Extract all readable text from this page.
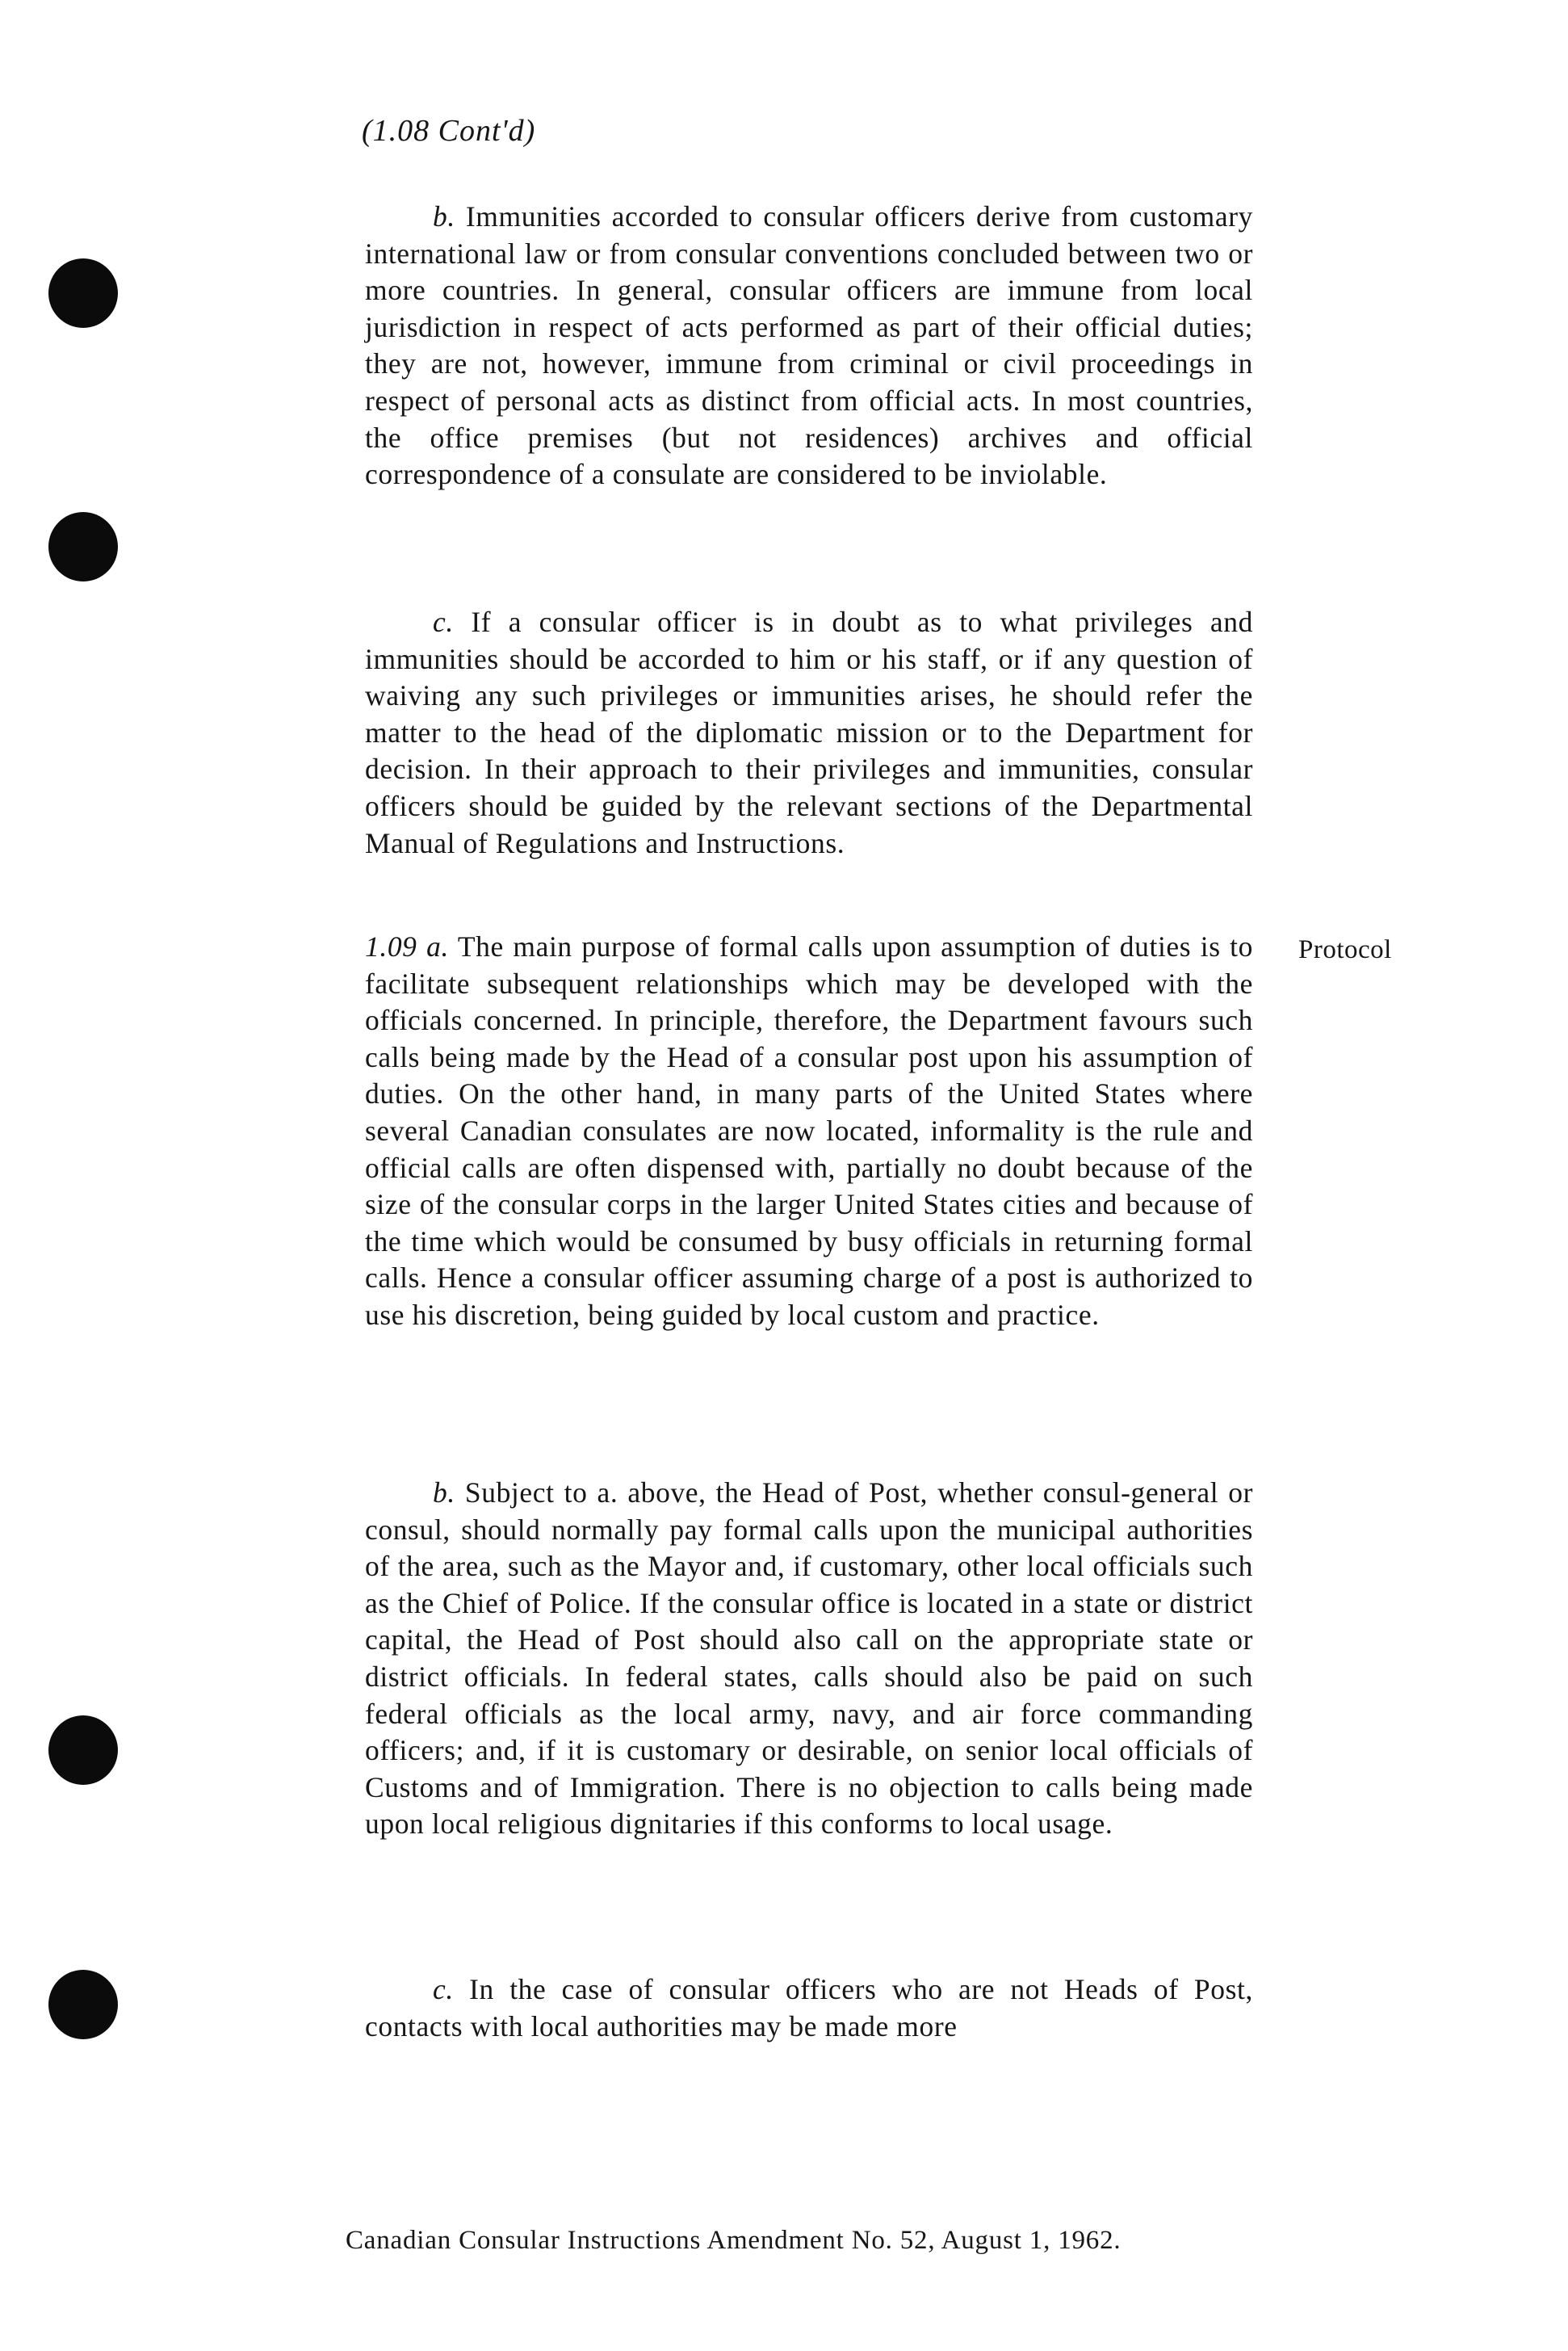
(1.08 Cont'd)

b. Immunities accorded to consular officers derive from customary international law or from consular conventions concluded between two or more countries. In general, consular officers are immune from local jurisdiction in respect of acts performed as part of their official duties; they are not, however, immune from criminal or civil proceedings in respect of personal acts as distinct from official acts. In most countries, the office premises (but not residences) archives and official correspondence of a consulate are considered to be inviolable.

c. If a consular officer is in doubt as to what privileges and immunities should be accorded to him or his staff, or if any question of waiving any such privileges or immunities arises, he should refer the matter to the head of the diplomatic mission or to the Department for decision. In their approach to their privileges and immunities, consular officers should be guided by the relevant sections of the Departmental Manual of Regulations and Instructions.

1.09 a. The main purpose of formal calls upon assumption of duties is to facilitate subsequent relationships which may be developed with the officials concerned. In principle, therefore, the Department favours such calls being made by the Head of a consular post upon his assumption of duties. On the other hand, in many parts of the United States where several Canadian consulates are now located, informality is the rule and official calls are often dispensed with, partially no doubt because of the size of the consular corps in the larger United States cities and because of the time which would be consumed by busy officials in returning formal calls. Hence a consular officer assuming charge of a post is authorized to use his discretion, being guided by local custom and practice.

Protocol

b. Subject to a. above, the Head of Post, whether consul-general or consul, should normally pay formal calls upon the municipal authorities of the area, such as the Mayor and, if customary, other local officials such as the Chief of Police. If the consular office is located in a state or district capital, the Head of Post should also call on the appropriate state or district officials. In federal states, calls should also be paid on such federal officials as the local army, navy, and air force commanding officers; and, if it is customary or desirable, on senior local officials of Customs and of Immigration. There is no objection to calls being made upon local religious dignitaries if this conforms to local usage.

c. In the case of consular officers who are not Heads of Post, contacts with local authorities may be made more

Canadian Consular Instructions Amendment No. 52, August 1, 1962.
